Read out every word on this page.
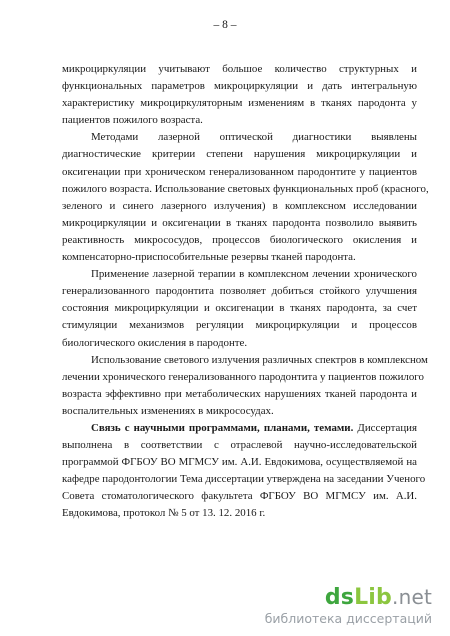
– 8 –
микроциркуляции учитывают большое количество структурных и
функциональных параметров микроциркуляции и дать интегральную
характеристику микроциркуляторным изменениям в тканях пародонта у
пациентов пожилого возраста.
Методами лазерной оптической диагностики выявлены
диагностические критерии степени нарушения микроциркуляции и
оксигенации при хроническом генерализованном пародонтите у пациентов
пожилого возраста. Использование световых функциональных проб (красного,
зеленого и синего лазерного излучения) в комплексном исследовании
микроциркуляции и оксигенации в тканях пародонта позволило выявить
реактивность микрососудов, процессов биологического окисления и
компенсаторно-приспособительные резервы тканей пародонта.
Применение лазерной терапии в комплексном лечении хронического
генерализованного пародонтита позволяет добиться стойкого улучшения
состояния микроциркуляции и оксигенации в тканях пародонта, за счет
стимуляции механизмов регуляции микроциркуляции и процессов
биологического окисления в пародонте.
Использование светового излучения различных спектров в комплексном
лечении хронического генерализованного пародонтита у пациентов пожилого
возраста эффективно при метаболических нарушениях тканей пародонта и
воспалительных изменениях в микрососудах.
Связь с научными программами, планами, темами. Диссертация
выполнена в соответствии с отраслевой научно-исследовательской
программой ФГБОУ ВО МГМСУ им. А.И. Евдокимова, осуществляемой на
кафедре пародонтологии Тема диссертации утверждена на заседании Ученого
Совета стоматологического факультета ФГБОУ ВО МГМСУ им. А.И.
Евдокимова, протокол № 5 от 13. 12. 2016 г.
dsLib.net
библиотека диссертаций
